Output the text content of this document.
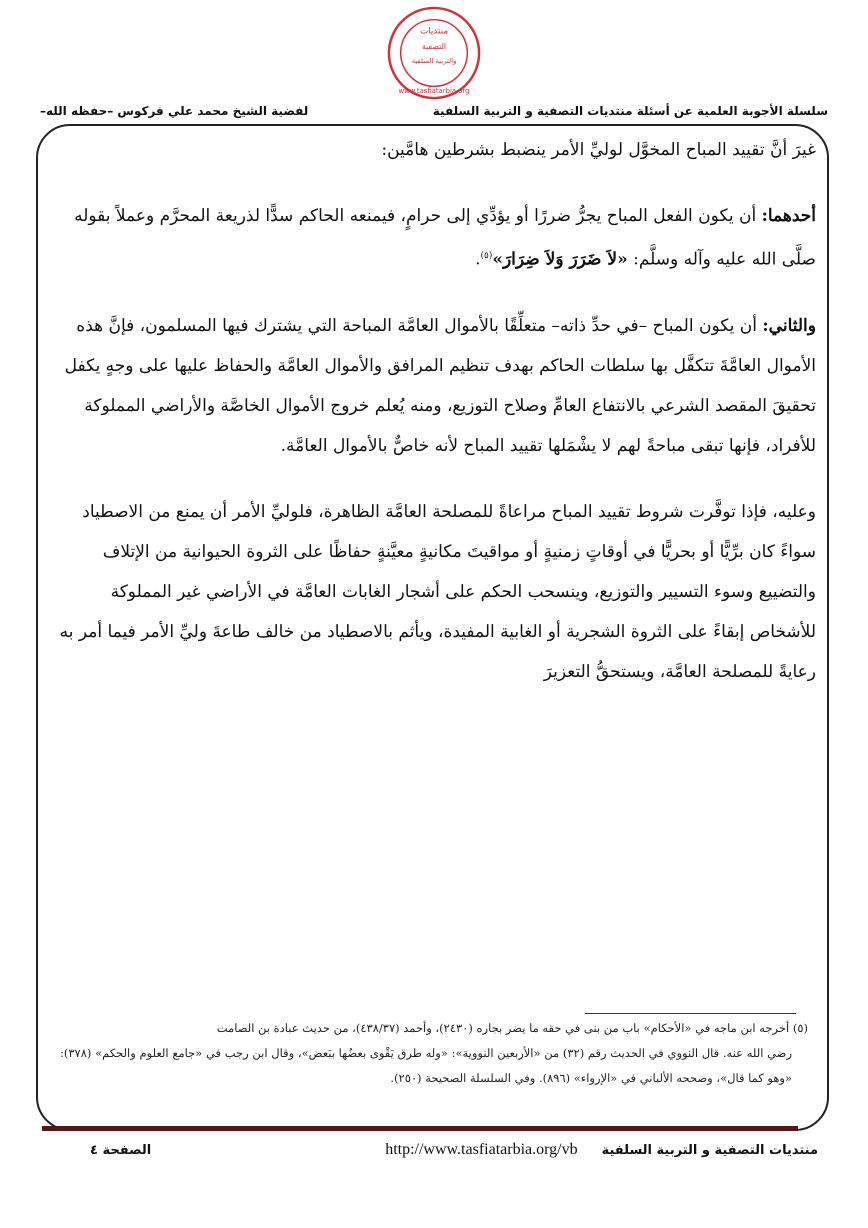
منتديات
التصفية
والتربية السلفية
www.tasfiatarbia.org
سلسلة الأجوبة العلمية عن أسئلة منتديات التصفية و التربية السلفية
لفضية الشيخ محمد علي فركوس –حفظه الله–

غيرَ أنَّ تقييد المباح المخوَّل لوليِّ الأمر ينضبط بشرطين هامَّين:

أحدهما: أن يكون الفعل المباح يجرُّ ضررًا أو يؤدِّي إلى حرامٍ، فيمنعه الحاكم سدًّا لذريعة المحرَّم وعملاً بقوله صلَّى الله عليه وآله وسلَّم: «لاَ ضَرَرَ وَلاَ ضِرَارَ»$^{(٥)}$.

والثاني: أن يكون المباح –في حدِّ ذاته– متعلِّقًا بالأموال العامَّة المباحة التي يشترك فيها المسلمون، فإنَّ هذه الأموال العامَّةَ تتكفَّل بها سلطات الحاكم بهدف تنظيم المرافق والأموال العامَّة والحفاظ عليها على وجهٍ يكفل تحقيقَ المقصد الشرعي بالانتفاع العامِّ وصلاح التوزيع، ومنه يُعلم خروج الأموال الخاصَّة والأراضي المملوكة للأفراد، فإنها تبقى مباحةً لهم لا يشْمَلها تقييد المباح لأنه خاصٌّ بالأموال العامَّة.

وعليه، فإذا توفَّرت شروط تقييد المباح مراعاةً للمصلحة العامَّة الظاهرة، فلوليِّ الأمر أن يمنع من الاصطياد سواءً كان برِّيًّا أو بحريًّا في أوقاتٍ زمنيةٍ أو مواقيتَ مكانيةٍ معيَّنةٍ حفاظًا على الثروة الحيوانية من الإتلاف والتضييع وسوء التسيير والتوزيع، وينسحب الحكم على أشجار الغابات العامَّة في الأراضي غير المملوكة للأشخاص إبقاءً على الثروة الشجرية أو الغابية المفيدة، ويأثم بالاصطياد من خالف طاعةَ وليِّ الأمر فيما أمر به رعايةً للمصلحة العامَّة، ويستحقُّ التعزيرَ

(٥) أخرجه ابن ماجه في «الأحكام» باب من بنى في حقه ما يضر بجاره (٢٤٣٠)، وأحمد (٤٣٨/٣٧)، من حديث عبادة بن الصامت

رضي الله عنه. قال النووي في الحديث رقم (٣٢) من «الأربعين النووية»: «وله طرق يَقْوى بعضُها ببَعض»، وقال ابن رجب في «جامع العلوم والحكم» (٣٧٨): «وهو كما قال»، وصححه الألباني في «الإرواء» (٨٩٦). وفي السلسلة الصحيحة (٢٥٠).

منتديات التصفية و التربية السلفية
http://www.tasfiatarbia.org/vb
الصفحة ٤
